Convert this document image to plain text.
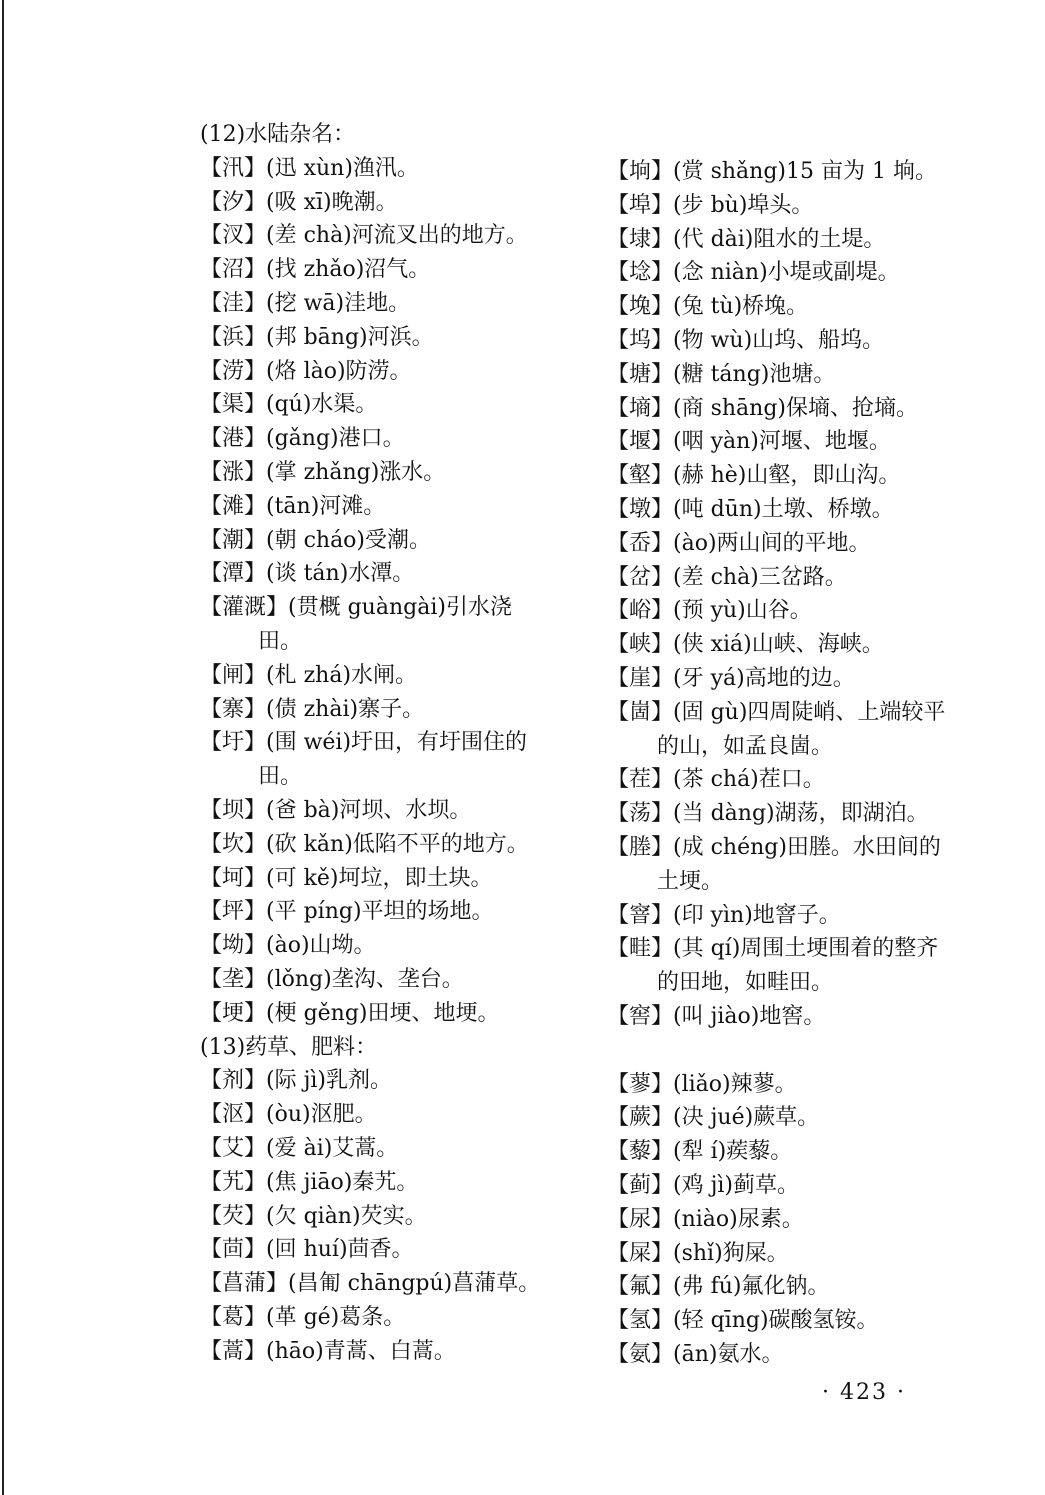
(12)水陆杂名：
【汛】(迅 xùn)渔汛。
【汐】(吸 xī)晚潮。
【汊】(差 chà)河流叉出的地方。
【沼】(找 zhǎo)沼气。
【洼】(挖 wā)洼地。
【浜】(邦 bāng)河浜。
【涝】(烙 lào)防涝。
【渠】(qú)水渠。
【港】(gǎng)港口。
【涨】(掌 zhǎng)涨水。
【滩】(tān)河滩。
【潮】(朝 cháo)受潮。
【潭】(谈 tán)水潭。
【灌溉】(贯概 guàngài)引水浇
田。
【闸】(札 zhá)水闸。
【寨】(债 zhài)寨子。
【圩】(围 wéi)圩田，有圩围住的
田。
【坝】(爸 bà)河坝、水坝。
【坎】(砍 kǎn)低陷不平的地方。
【坷】(可 kě)坷垃，即土块。
【坪】(平 píng)平坦的场地。
【坳】(ào)山坳。
【垄】(lǒng)垄沟、垄台。
【埂】(梗 gěng)田埂、地埂。
(13)药草、肥料：
【剂】(际 jì)乳剂。
【沤】(òu)沤肥。
【艾】(爱 ài)艾蒿。
【艽】(焦 jiāo)秦艽。
【芡】(欠 qiàn)芡实。
【茴】(回 huí)茴香。
【菖蒲】(昌匍 chāngpú)菖蒲草。
【葛】(革 gé)葛条。
【蒿】(hāo)青蒿、白蒿。
【垧】(赏 shǎng)15 亩为 1 垧。
【埠】(步 bù)埠头。
【埭】(代 dài)阻水的土堤。
【埝】(念 niàn)小堤或副堤。
【堍】(兔 tù)桥堍。
【坞】(物 wù)山坞、船坞。
【塘】(糖 táng)池塘。
【墒】(商 shāng)保墒、抢墒。
【堰】(咽 yàn)河堰、地堰。
【壑】(赫 hè)山壑，即山沟。
【墩】(吨 dūn)土墩、桥墩。
【岙】(ào)两山间的平地。
【岔】(差 chà)三岔路。
【峪】(预 yù)山谷。
【峡】(侠 xiá)山峡、海峡。
【崖】(牙 yá)高地的边。
【崮】(固 gù)四周陡峭、上端较平
的山，如孟良崮。
【茬】(茶 chá)茬口。
【荡】(当 dàng)湖荡，即湖泊。
【塍】(成 chéng)田塍。水田间的
土埂。
【窨】(印 yìn)地窨子。
【畦】(其 qí)周围土埂围着的整齐
的田地，如畦田。
【窖】(叫 jiào)地窖。
【蓼】(liǎo)辣蓼。
【蕨】(决 jué)蕨草。
【藜】(犁 í)蒺藜。
【蓟】(鸡 jì)蓟草。
【尿】(niào)尿素。
【屎】(shǐ)狗屎。
【氟】(弗 fú)氟化钠。
【氢】(轻 qīng)碳酸氢铵。
【氨】(ān)氨水。
· 423 ·
